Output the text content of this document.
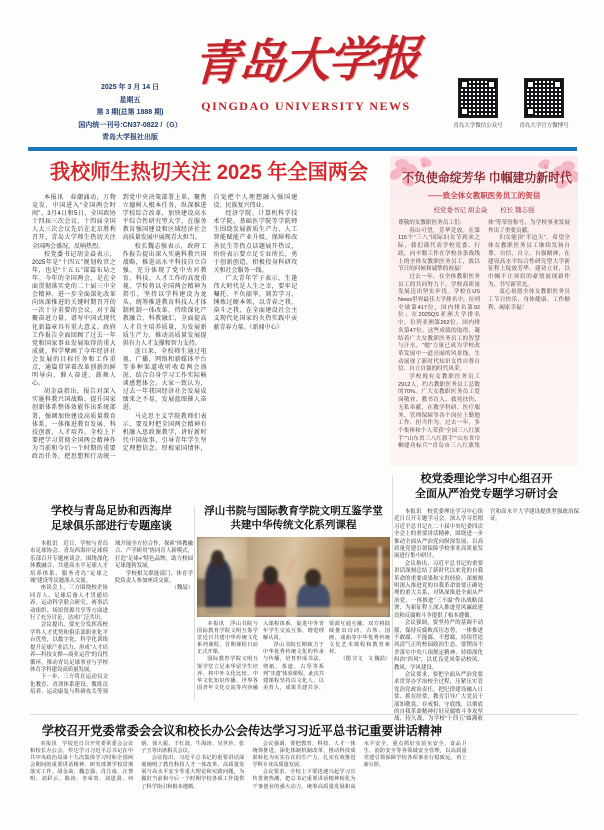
2025 年 3 月 14 日
星期五
第 3 期(总第 1888 期)
国内统一刊号:CN37-0822 /（G）
青岛大学报社出版
青岛大学报
QINGDAO UNIVERSITY NEWS
青岛大学微信公众号	青岛大学官方微博号
我校师生热切关注 2025 年全国两会

本报讯　春潮涌动，万物竞发，中国进入“全国两会时间”。3月4日和5日，全国政协十四届三次会议、十四届全国人大三次会议先后在北京胜利召开，青岛大学师生热切关注全国两会盛况，反响热烈。

校党委书记胡金焱表示，2025年是“十四五”规划收官之年，也是“十五五”谋篇布局之年。今年的全国两会，是在全面贯彻落实党的二十届三中全会精神、进一步全面深化改革向纵深推进的关键时期召开的一次十分重要的会议，对于凝聚奋进力量、谱写中国式现代化新篇章具有重大意义。政府工作报告全面回顾了过去一年党和国家事业发展取得的重大成就，科学擘画了今年经济社会发展的目标任务和工作重点，通篇贯穿着改革创新的鲜明导向，催人奋进、鼓舞人心。

胡金焱指出，报告对深入实施科教兴国战略、提升国家创新体系整体效能作出系统部署，强调加快建设高质量教育体系，一体推进教育发展、科技创新、人才培养。全校上下要把学习贯彻全国两会精神作为当前和今后一个时期的重要政治任务，把思想和行动统一到党中央决策部署上来，聚焦立德树人根本任务，纵深推进学校综合改革，加快建设高水平综合性研究型大学，在服务教育强国建设和区域经济社会高质量发展中展现青大担当。

校长魏志强表示，政府工作报告提出深入实施科教兴国战略，推进高水平科技自立自强，充分体现了党中央对教育、科技、人才工作的高度重视。学校将以全国两会精神为指引，坚持以学科建设为龙头，统筹推进教育科技人才体制机制一体改革，持续深化产教融合、科教融汇，全面提高人才自主培养质量，为发展新质生产力、推动高质量发展提供有力人才支撑和智力支持。

连日来，全校师生通过电视、广播、网络和新媒体平台等多种渠道收听收看两会盛况，结合自身学习工作实际畅谈感想体会。大家一致认为，过去一年我国经济社会发展成绩来之不易，发展蓝图催人奋进。

马克思主义学院教师们表示，要及时把全国两会精神有机融入思政课教学，讲好新时代中国故事，引导青年学生坚定理想信念、厚植家国情怀，自觉把个人理想融入强国建设、民族复兴伟业。

经济学院、计算机科学技术学院、基础医学院等学院师生围绕发展新质生产力、人工智能赋能产业升级、保障和改善民生等热点话题展开热议，纷纷表示要立足专业所长，勇于创新创造，积极投身科研攻关和社会服务一线。

广大青年学子表示，生逢伟大时代是人生之幸，要牢记嘱托、不负韶华，刻苦学习、锤炼过硬本领，以青春之我、奋斗之我，在全面建设社会主义现代化国家的火热实践中贡献青春力量。（新闻中心）

不负使命绽芳华 巾帼建功新时代
——致全体女教职医务员工的贺信
校党委书记 胡金焱　　校长 魏志强

尊敬的女教职医务员工们：

春山可望，芳华竞放。在第115个“三八”国际妇女节到来之际，我们谨代表学校党委、行政，向辛勤工作在学校各条战线上的全体女教职医务员工，致以节日的问候和诚挚的祝福！

过去一年，在全体教职医务员工的共同努力下，学校高质量发展迈出坚实步伐。学校在US News世界最佳大学排名中，位列全球第417位，国内排名第92位；在2025QS亚洲大学排名中，位列亚洲第262位，国内排名第47位。这些成绩的取得，凝结着广大女教职医务员工的智慧与汗水，“她”力量已成为学校改革发展中一道亮丽的风景线，生动展现了新时代知识女性自尊自信、自立自强的时代风采。

学校现有女教职医务员工2912人，约占教职医务员工总数的70%。广大女教职医务员工爱岗敬业、教书育人、救死扶伤、无私奉献，在教学科研、医疗服务、管理保障等各个岗位上勤勉工作、担当作为。过去一年，多个集体和个人荣获“全国三八红旗手”“山东省三八红旗手”“山东省巾帼建功标兵”“青岛市三八红旗集体”等荣誉称号，为学校事业发展作出了重要贡献。

妇女能顶“半边天”。希望全体女教职医务员工继续发扬自尊、自信、自立、自强精神，在建设高水平综合性研究型大学新征程上绽放芳华、建功立业，以巾帼不让须眉的豪情展现新作为、书写新荣光。

衷心祝愿全体女教职医务员工节日快乐、身体健康、工作顺利、阖家幸福！

学校与青岛足协和西海岸
足球俱乐部进行专题座谈

本报讯　近日，学校与青岛市足球协会、青岛西海岸足球俱乐部召开专题座谈会，围绕深化体教融合、共建高水平足球人才培养体系、服务青岛“足球之城”建设等议题深入交流。

座谈会上，三方围绕校企协同育人、足球后备人才贯通培养、运动科学联合研究、赛事活动组织、场馆资源共享等方面进行了充分讨论，达成广泛共识。

会议提出，要充分发挥高校学科人才优势和俱乐部职业化平台优势，以数字化、科学化训练提升足球产业活力，形成“人才培养—科技支撑—商业运营”的良性循环，推动青岛足球事业与学校体育学科建设高质量发展。

下一步，三方将在运动员文化教育、青训体系建设、教练员培养、运动康复与科研攻关等领域开展全方位合作，探索“体教融合、产学研用”协同育人新模式，打造“足球+”特色品牌，助力校园足球蓬勃发展。

学校相关职能部门、体育学院负责人参加座谈交流。

（魏喆）

浮山书院与国际教育学院文明互鉴学堂
共建中华传统文化系列课程

本报讯　浮山书院与国际教育学院文明互鉴学堂近日共建中华传统文化系列课程，首期课程日前正式开课。

国际教育学院文明互鉴学堂立足来华留学生培养，将中外文化比较、中华文化知识传播、世界各国青年文化交流等内容融入课程体系，促进中外青年学生交流互鉴、增进理解认同。

浮山书院长期致力于中华优秀传统文化的传承与传播，培育形成书法、剪纸、茶道、古琴等系列“非遗”体验课程。此次共建课程坚持以文化人、以美育人，成果共建共享、资源互通互融，双方将陆续推出诗词、古筝、国画、戏曲等中华优秀传统文化艺术课程和教育素材。

（图 宣文　文 魏喆）

校党委理论学习中心组召开
全面从严治党专题学习研讨会

本报讯　校党委理论学习中心组近日召开专题学习会，深入学习贯彻习近平总书记在二十届中央纪委四次全会上的重要讲话精神，围绕进一步推动全面从严治党向纵深发展、以高质量党建引领保障学校事业高质量发展进行集中研讨。

会议指出，习近平总书记的重要讲话深刻总结了新时代以来党的自我革命的重要成果和宝贵经验，深刻阐明深入推进党的自我革命需要正确处理的重大关系，对纵深推进全面从严治党、一体推进“三不腐”作出战略部署，为新征程上深入推进党风廉政建设和反腐败斗争提供了根本遵循。

会议强调，要坚持严的基调不动摇，保持反腐败高压态势，一体推进不敢腐、不能腐、不想腐，持续营造风清气正的校园政治生态。要锲而不舍落实中央八项规定精神，持续深化纠治“四风”，以优良党风带动校风、教风、学风建设。

会议要求，要把全面从严治党要求贯穿办学治校全过程，压紧压实管党治党政治责任，把纪律建设融入日常、抓在经常，教育引导广大党员干部知敬畏、存戒惧、守底线，以彻底的自我革命精神打好反腐败斗争攻坚战、持久战，为学校“十四五”圆满收官和高水平大学建设提供坚强政治保证。

学校召开党委常委会会议和校长办公会传达学习习近平总书记重要讲话精神

本报讯　学校近日召开党委常委会会议和校长办公会，传达学习习近平总书记在中共中央政治局第十九次集体学习时和全国两会期间的重要讲话精神，研究部署学校贯彻落实工作。胡金焱、魏志强、肖江南、汪黎明、刘彩云、陈涛、李荣贵、刘恩贤、何炳、徐大振、于红波、牛海涛、吴世珍、张子玉等出席相关会议。

会议指出，习近平总书记的重要讲话深刻阐明了教育科技人才一体改革、高质量发展与高水平安全等重大理论和实践问题，为做好当前和今后一个时期学校各项工作提供了科学指引和根本遵循。

会议强调，要把教育、科技、人才一体统筹推进，深化体制机制改革，推动科技成果转化为实实在在的生产力，扎实有效推进学科专业高质量发展。

会议要求，全校上下要迅速兴起学习宣传贯彻热潮，把总书记重要讲话精神转化为干事创业的强大动力，统筹高质量发展和高水平安全，重点抓好实验室安全、食品卫生、消防安全等各领域安全管理，以高质量党建引领保障学校各项事业行稳致远、再上新台阶。
